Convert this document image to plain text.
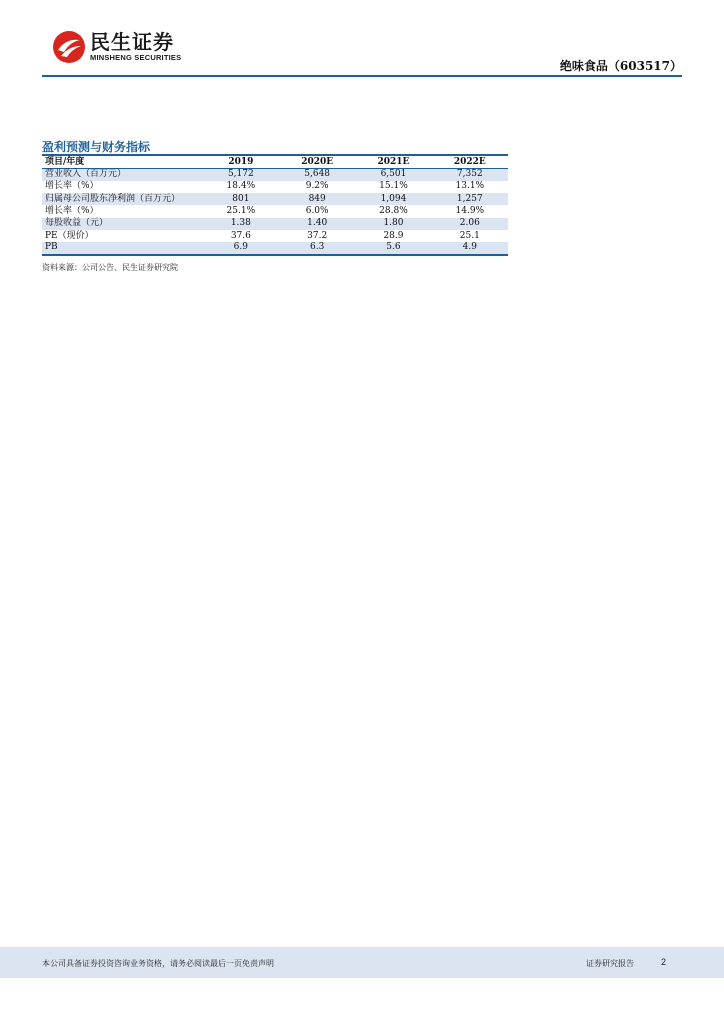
民生证券
MINSHENG SECURITIES
绝味食品（603517）
盈利预测与财务指标
项目/年度	2019	2020E	2021E	2022E
营业收入（百万元）	5,172	5,648	6,501	7,352
增长率（%）	18.4%	9.2%	15.1%	13.1%
归属母公司股东净利润（百万元）	801	849	1,094	1,257
增长率（%）	25.1%	6.0%	28.8%	14.9%
每股收益（元）	1.38	1.40	1.80	2.06
PE（现价）	37.6	37.2	28.9	25.1
PB	6.9	6.3	5.6	4.9
资料来源：公司公告、民生证券研究院
本公司具备证券投资咨询业务资格，请务必阅读最后一页免责声明	证券研究报告	2
